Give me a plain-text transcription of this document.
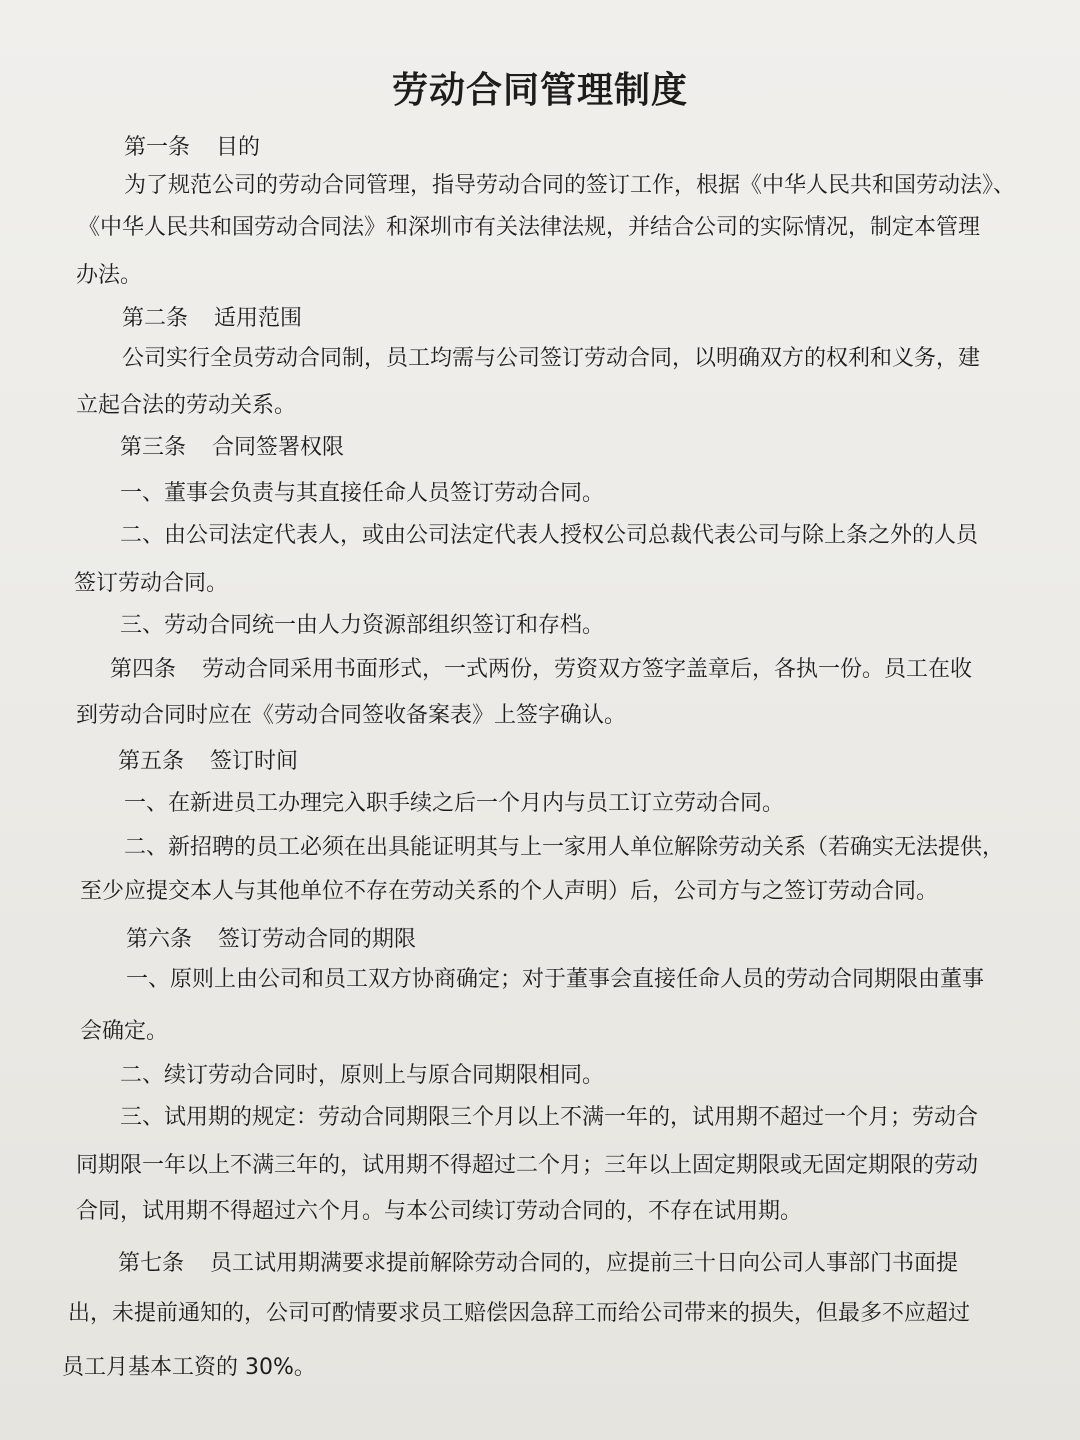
劳动合同管理制度

第一条 目的

为了规范公司的劳动合同管理，指导劳动合同的签订工作，根据《中华人民共和国劳动法》、

《中华人民共和国劳动合同法》和深圳市有关法律法规，并结合公司的实际情况，制定本管理

办法。

第二条 适用范围

公司实行全员劳动合同制，员工均需与公司签订劳动合同，以明确双方的权利和义务，建

立起合法的劳动关系。

第三条 合同签署权限

一、董事会负责与其直接任命人员签订劳动合同。

二、由公司法定代表人，或由公司法定代表人授权公司总裁代表公司与除上条之外的人员

签订劳动合同。

三、劳动合同统一由人力资源部组织签订和存档。

第四条 劳动合同采用书面形式，一式两份，劳资双方签字盖章后，各执一份。员工在收

到劳动合同时应在《劳动合同签收备案表》上签字确认。

第五条 签订时间

一、在新进员工办理完入职手续之后一个月内与员工订立劳动合同。

二、新招聘的员工必须在出具能证明其与上一家用人单位解除劳动关系（若确实无法提供，

至少应提交本人与其他单位不存在劳动关系的个人声明）后，公司方与之签订劳动合同。

第六条 签订劳动合同的期限

一、原则上由公司和员工双方协商确定；对于董事会直接任命人员的劳动合同期限由董事

会确定。

二、续订劳动合同时，原则上与原合同期限相同。

三、试用期的规定：劳动合同期限三个月以上不满一年的，试用期不超过一个月；劳动合

同期限一年以上不满三年的，试用期不得超过二个月；三年以上固定期限或无固定期限的劳动

合同，试用期不得超过六个月。与本公司续订劳动合同的，不存在试用期。

第七条 员工试用期满要求提前解除劳动合同的，应提前三十日向公司人事部门书面提

出，未提前通知的，公司可酌情要求员工赔偿因急辞工而给公司带来的损失，但最多不应超过

员工月基本工资的 30%。
